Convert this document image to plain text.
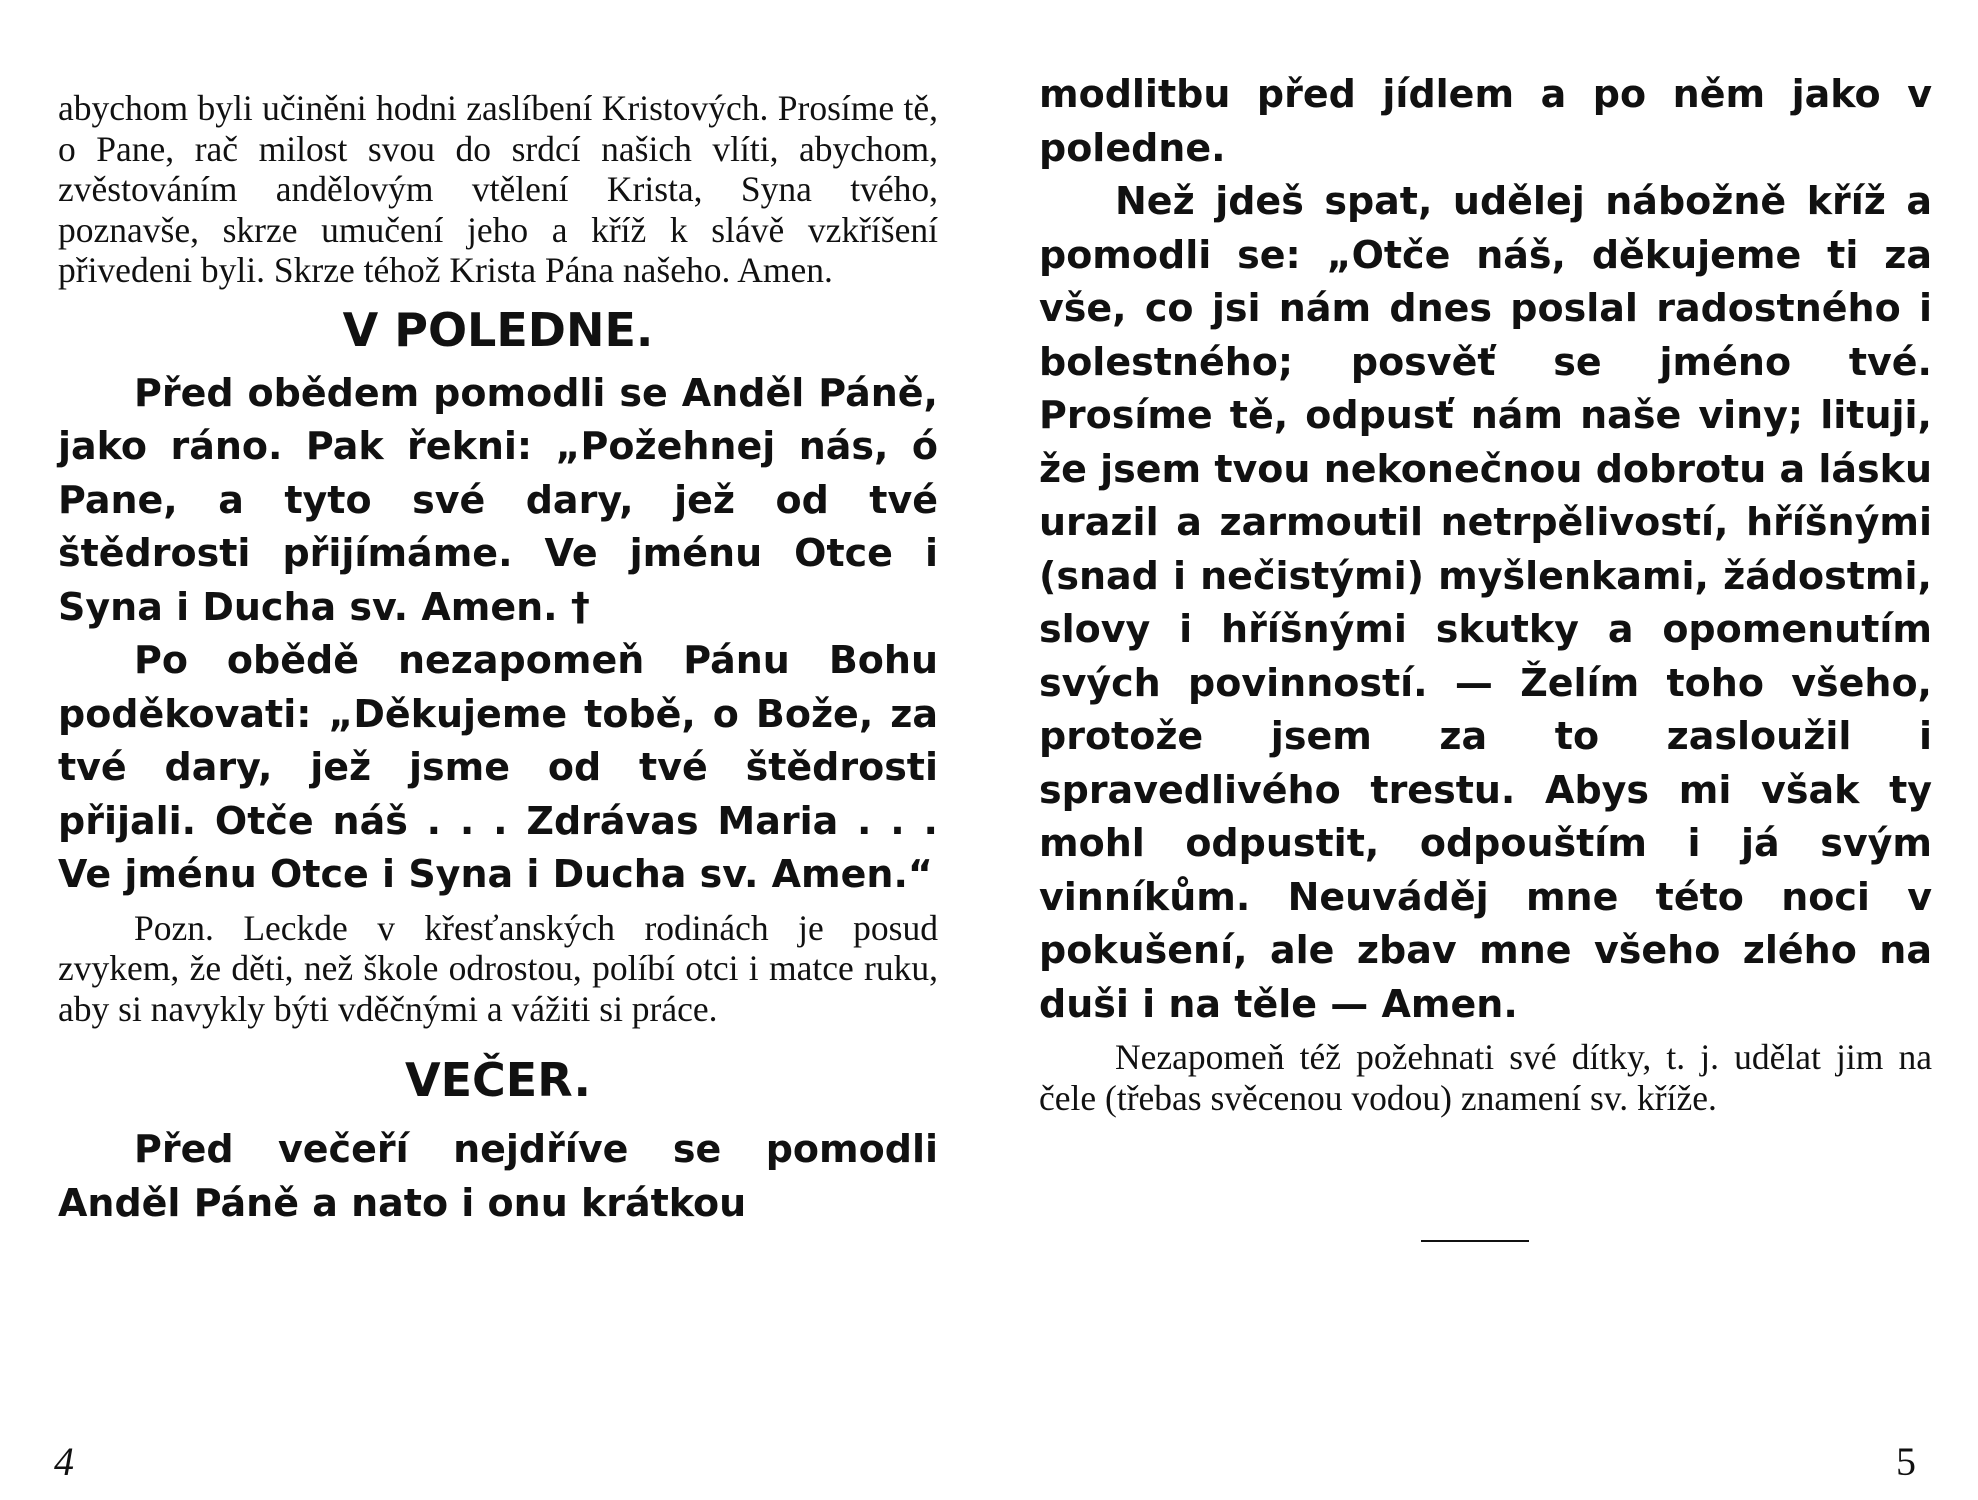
abychom byli učiněni hodni zaslíbení Kristových. Prosíme tě, o Pane, rač milost svou do srdcí našich vlíti, abychom, zvěstováním andělovým vtělení Krista, Syna tvého, poznavše, skrze umučení jeho a kříž k slávě vzkříšení přivedeni byli. Skrze téhož Krista Pána našeho. Amen.

V POLEDNE.

Před obědem pomodli se Anděl Páně, jako ráno. Pak řekni: „Požehnej nás, ó Pane, a tyto své dary, jež od tvé štědrosti přijímáme. Ve jménu Otce i Syna i Ducha sv. Amen. †

Po obědě nezapomeň Pánu Bohu poděkovati: „Děkujeme tobě, o Bože, za tvé dary, jež jsme od tvé štědrosti přijali. Otče náš . . . Zdrávas Maria . . . Ve jménu Otce i Syna i Ducha sv. Amen.“

Pozn. Leckde v křesťanských rodinách je posud zvykem, že děti, než škole odrostou, políbí otci i matce ruku, aby si navykly býti vděčnými a vážiti si práce.

VEČER.

Před večeří nejdříve se pomodli Anděl Páně a nato i onu krátkou

4

modlitbu před jídlem a po něm jako v poledne.

Než jdeš spat, udělej nábožně kříž a pomodli se: „Otče náš, děkujeme ti za vše, co jsi nám dnes poslal radostného i bolestného; posvěť se jméno tvé. Prosíme tě, odpusť nám naše viny; lituji, že jsem tvou nekonečnou dobrotu a lásku urazil a zarmoutil netrpělivostí, hříšnými (snad i nečistými) myšlenkami, žádostmi, slovy i hříšnými skutky a opomenutím svých povinností. — Želím toho všeho, protože jsem za to zasloužil i spravedlivého trestu. Abys mi však ty mohl odpustit, odpouštím i já svým vinníkům. Neuváděj mne této noci v pokušení, ale zbav mne všeho zlého na duši i na těle — Amen.

Nezapomeň též požehnati své dítky, t. j. udělat jim na čele (třebas svěcenou vodou) znamení sv. kříže.

5
